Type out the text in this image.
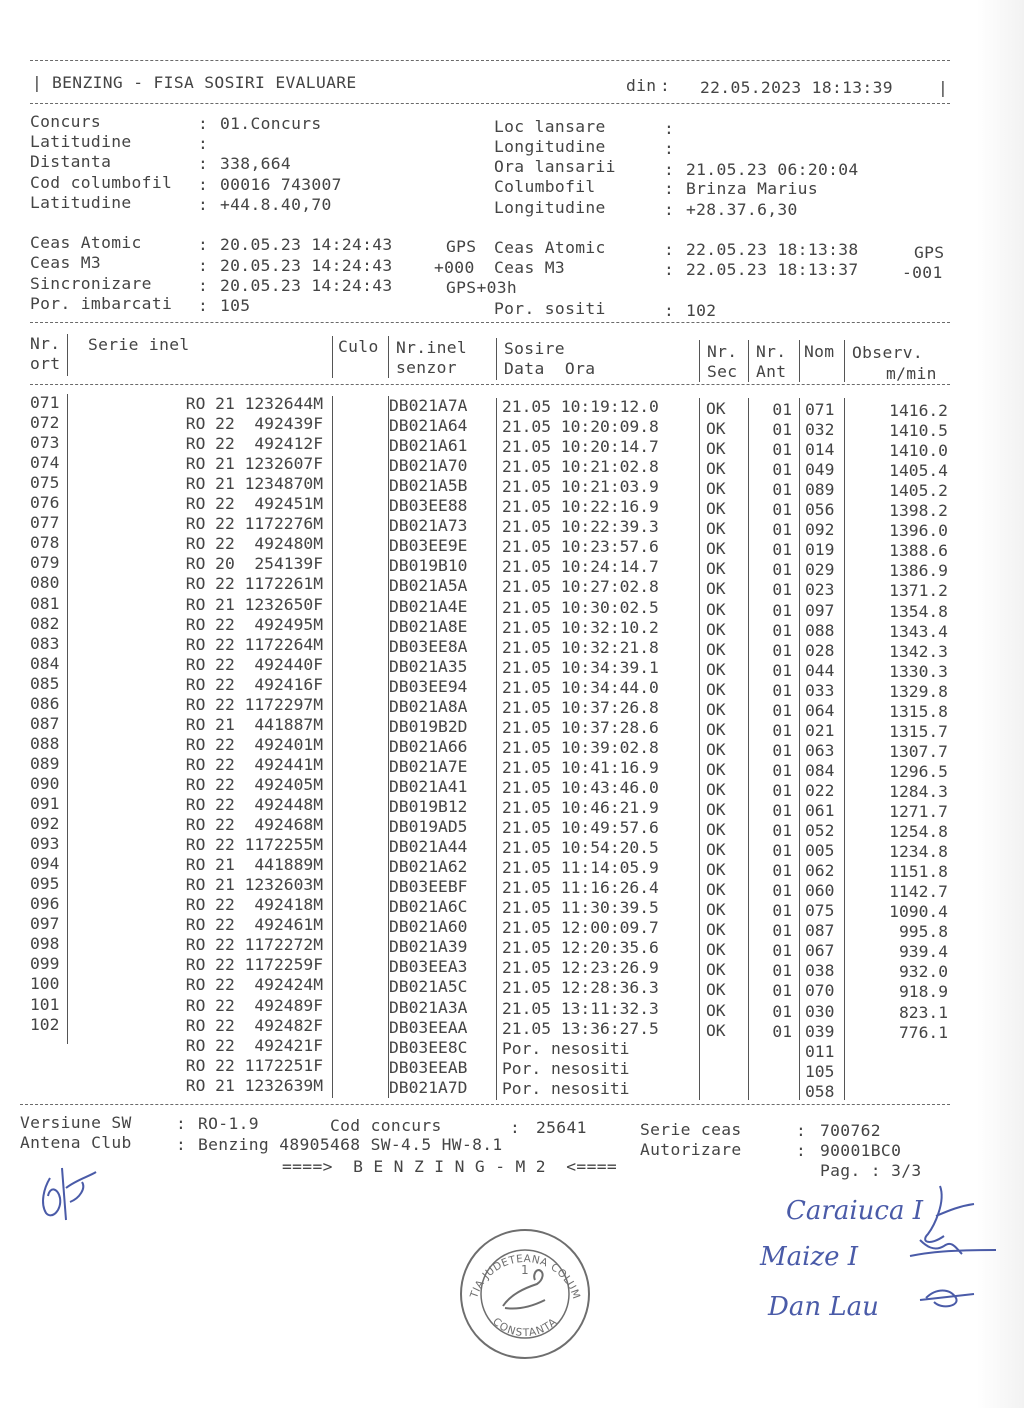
| BENZING - FISA SOSIRI EVALUARE	din : 22.05.2023 18:13:39	|
Concurs	: 01.Concurs
Latitudine	:
Distanta	: 338,664
Cod columbofil : 00016 743007
Latitudine	: +44.8.40,70
Loc lansare	:
Longitudine	:
Ora lansarii	: 21.05.23 06:20:04
Columbofil	: Brinza Marius
Longitudine	: +28.37.6,30
Ceas Atomic	: 20.05.23 14:24:43	GPS
Ceas M3	: 20.05.23 14:24:43	+000
Sincronizare	: 20.05.23 14:24:43	GPS+03h
Por. imbarcati : 105
Ceas Atomic	: 22.05.23 18:13:38	GPS
Ceas M3	: 22.05.23 18:13:37	-001
Por. sositi	: 102
Nr.
ort
Serie inel	Culo Nr.inel
senzor
Sosire
Data  Ora
Nr.
Sec
Nr.
Ant
Nom Observ.
m/min
071	RO 21 1232644M	DB021A7A 21.05 10:19:12.0	OK	01 071	1416.2
072	RO 22  492439F	DB021A64 21.05 10:20:09.8	OK	01 032	1410.5
073	RO 22  492412F	DB021A61 21.05 10:20:14.7	OK	01 014	1410.0
074	RO 21 1232607F	DB021A70 21.05 10:21:02.8	OK	01 049	1405.4
075	RO 21 1234870M	DB021A5B 21.05 10:21:03.9	OK	01 089	1405.2
076	RO 22  492451M	DB03EE88 21.05 10:22:16.9	OK	01 056	1398.2
077	RO 22 1172276M	DB021A73 21.05 10:22:39.3	OK	01 092	1396.0
078	RO 22  492480M	DB03EE9E 21.05 10:23:57.6	OK	01 019	1388.6
079	RO 20  254139F	DB019B10 21.05 10:24:14.7	OK	01 029	1386.9
080	RO 22 1172261M	DB021A5A 21.05 10:27:02.8	OK	01 023	1371.2
081	RO 21 1232650F	DB021A4E 21.05 10:30:02.5	OK	01 097	1354.8
082	RO 22  492495M	DB021A8E 21.05 10:32:10.2	OK	01 088	1343.4
083	RO 22 1172264M	DB03EE8A 21.05 10:32:21.8	OK	01 028	1342.3
084	RO 22  492440F	DB021A35 21.05 10:34:39.1	OK	01 044	1330.3
085	RO 22  492416F	DB03EE94 21.05 10:34:44.0	OK	01 033	1329.8
086	RO 22 1172297M	DB021A8A 21.05 10:37:26.8	OK	01 064	1315.8
087	RO 21  441887M	DB019B2D 21.05 10:37:28.6	OK	01 021	1315.7
088	RO 22  492401M	DB021A66 21.05 10:39:02.8	OK	01 063	1307.7
089	RO 22  492441M	DB021A7E 21.05 10:41:16.9	OK	01 084	1296.5
090	RO 22  492405M	DB021A41 21.05 10:43:46.0	OK	01 022	1284.3
091	RO 22  492448M	DB019B12 21.05 10:46:21.9	OK	01 061	1271.7
092	RO 22  492468M	DB019AD5 21.05 10:49:57.6	OK	01 052	1254.8
093	RO 22 1172255M	DB021A44 21.05 10:54:20.5	OK	01 005	1234.8
094	RO 21  441889M	DB021A62 21.05 11:14:05.9	OK	01 062	1151.8
095	RO 21 1232603M	DB03EEBF 21.05 11:16:26.4	OK	01 060	1142.7
096	RO 22  492418M	DB021A6C 21.05 11:30:39.5	OK	01 075	1090.4
097	RO 22  492461M	DB021A60 21.05 12:00:09.7	OK	01 087	995.8
098	RO 22 1172272M	DB021A39 21.05 12:20:35.6	OK	01 067	939.4
099	RO 22 1172259F	DB03EEA3 21.05 12:23:26.9	OK	01 038	932.0
100	RO 22  492424M	DB021A5C 21.05 12:28:36.3	OK	01 070	918.9
101	RO 22  492489F	DB021A3A 21.05 13:11:32.3	OK	01 030	823.1
102	RO 22  492482F	DB03EEAA 21.05 13:36:27.5	OK	01 039	776.1
RO 22  492421F	DB03EE8C Por. nesositi	011
RO 22 1172251F	DB03EEAB Por. nesositi	105
RO 21 1232639M	DB021A7D Por. nesositi	058
Versiune SW	: RO-1.9	Cod concurs	: 25641	Serie ceas	: 700762
Antena Club	: Benzing 48905468 SW-4.5 HW-8.1	Autorizare	: 90001BC0
====>  B E N Z I N G - M 2  <====	Pag. : 3/3
Caraiuca I
Maize I
Dan Lau
ASOCIATIA JUDETEANA COLUMBOFILA
CONSTANTA
1
